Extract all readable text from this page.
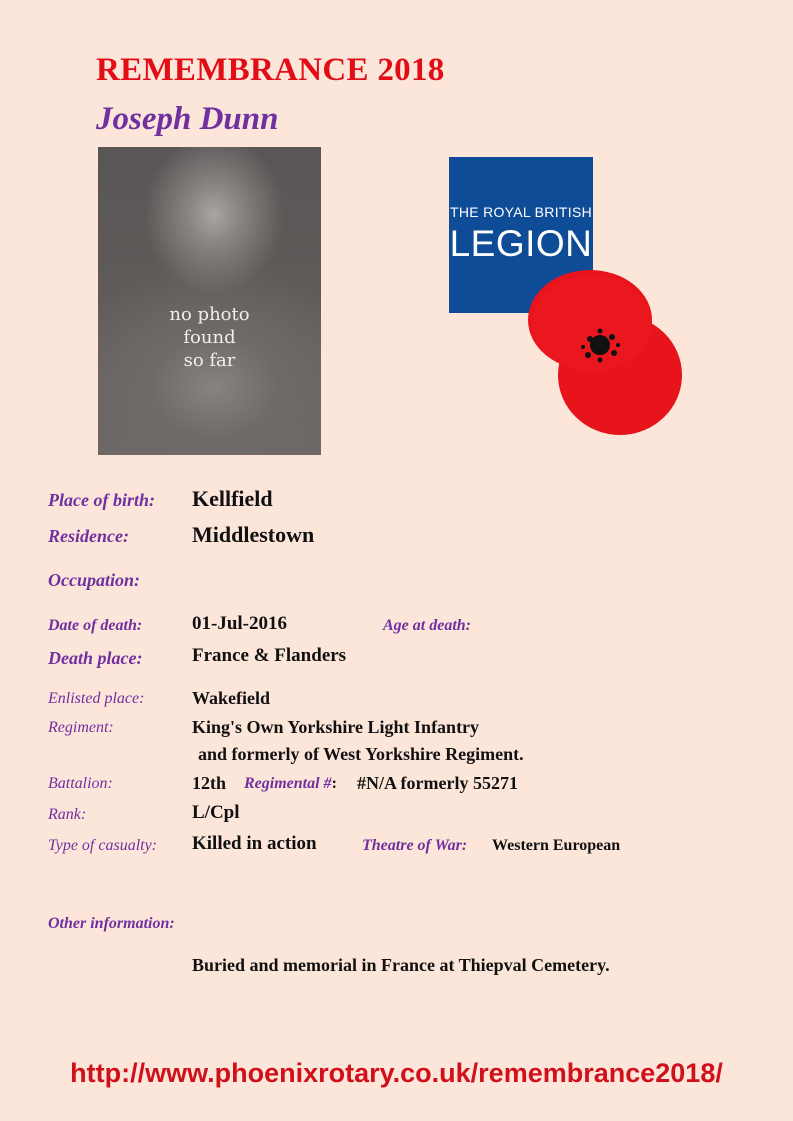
REMEMBRANCE 2018
Joseph Dunn
no photo
found
so far
THE ROYAL BRITISH
LEGION
Place of birth: Kellfield
Residence:	Middlestown
Occupation:
Date of death:	01-Jul-2016	Age at death:
Death place:	France & Flanders
Enlisted place:	Wakefield
Regiment:	King's Own Yorkshire Light Infantry
and formerly of West Yorkshire Regiment.
Battalion:	12th Regimental #: #N/A formerly 55271
Rank:	L/Cpl
Type of casualty: Killed in action	Theatre of War: Western European
Other information:
Buried and memorial in France at Thiepval Cemetery.
http://www.phoenixrotary.co.uk/remembrance2018/
